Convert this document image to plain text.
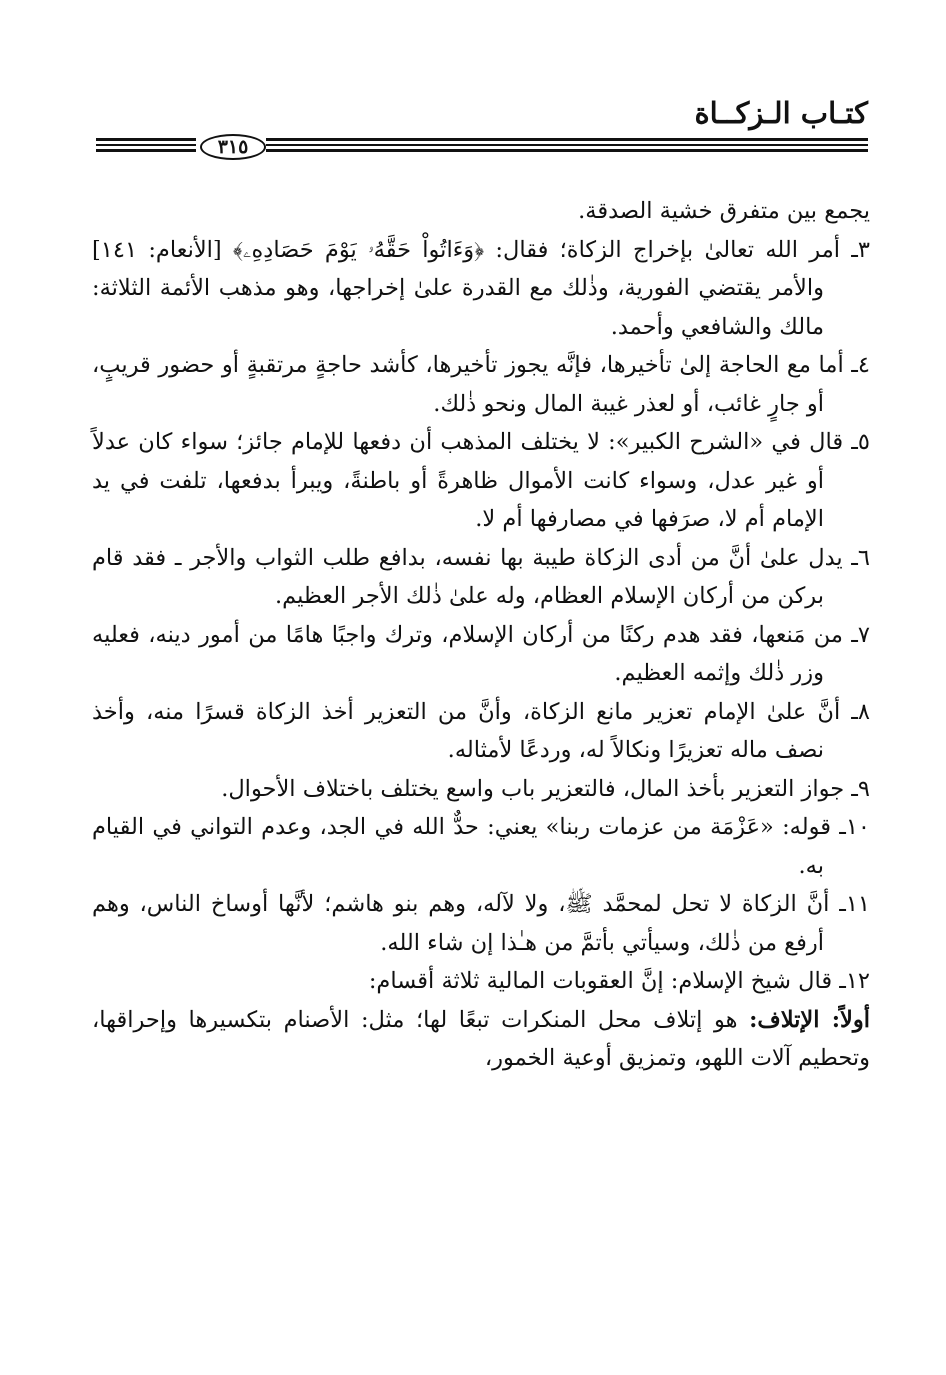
كتـاب الـزكــاة
٣١٥

يجمع بين متفرق خشية الصدقة.

٣ـ أمر الله تعالىٰ بإخراج الزكاة؛ فقال: ﴿وَءَاتُواْ حَقَّهُۥ يَوْمَ حَصَادِهِۦ﴾ [الأنعام: ١٤١] والأمر يقتضي الفورية، وذٰلك مع القدرة علىٰ إخراجها، وهو مذهب الأئمة الثلاثة: مالك والشافعي وأحمد.

٤ـ أما مع الحاجة إلىٰ تأخيرها، فإنَّه يجوز تأخيرها، كأشد حاجةٍ مرتقبةٍ أو حضور قريبٍ، أو جارٍ غائب، أو لعذر غيبة المال ونحو ذٰلك.

٥ـ قال في «الشرح الكبير»: لا يختلف المذهب أن دفعها للإمام جائز؛ سواء كان عدلاً أو غير عدل، وسواء كانت الأموال ظاهرةً أو باطنةً، ويبرأ بدفعها، تلفت في يد الإمام أم لا، صرَفها في مصارفها أم لا.

٦ـ يدل علىٰ أنَّ من أدى الزكاة طيبة بها نفسه، بدافع طلب الثواب والأجر ـ فقد قام بركن من أركان الإسلام العظام، وله علىٰ ذٰلك الأجر العظيم.

٧ـ من مَنعها، فقد هدم ركنًا من أركان الإسلام، وترك واجبًا هامًا من أمور دينه، فعليه وزر ذٰلك وإثمه العظيم.

٨ـ أنَّ علىٰ الإمام تعزير مانع الزكاة، وأنَّ من التعزير أخذ الزكاة قسرًا منه، وأخذ نصف ماله تعزيرًا ونكالاً له، وردعًا لأمثاله.

٩ـ جواز التعزير بأخذ المال، فالتعزير باب واسع يختلف باختلاف الأحوال.

١٠ـ قوله: «عَزْمَة من عزمات ربنا» يعني: حدٌّ الله في الجد، وعدم التواني في القيام به.

١١ـ أنَّ الزكاة لا تحل لمحمَّد ﷺ، ولا لآله، وهم بنو هاشم؛ لأنَّها أوساخ الناس، وهم أرفع من ذٰلك، وسيأتي بأتمَّ من هـٰذا إن شاء الله.

١٢ـ قال شيخ الإسلام: إنَّ العقوبات المالية ثلاثة أقسام:

أولاً: الإتلاف: هو إتلاف محل المنكرات تبعًا لها؛ مثل: الأصنام بتكسيرها وإحراقها، وتحطيم آلات اللهو، وتمزيق أوعية الخمور،
